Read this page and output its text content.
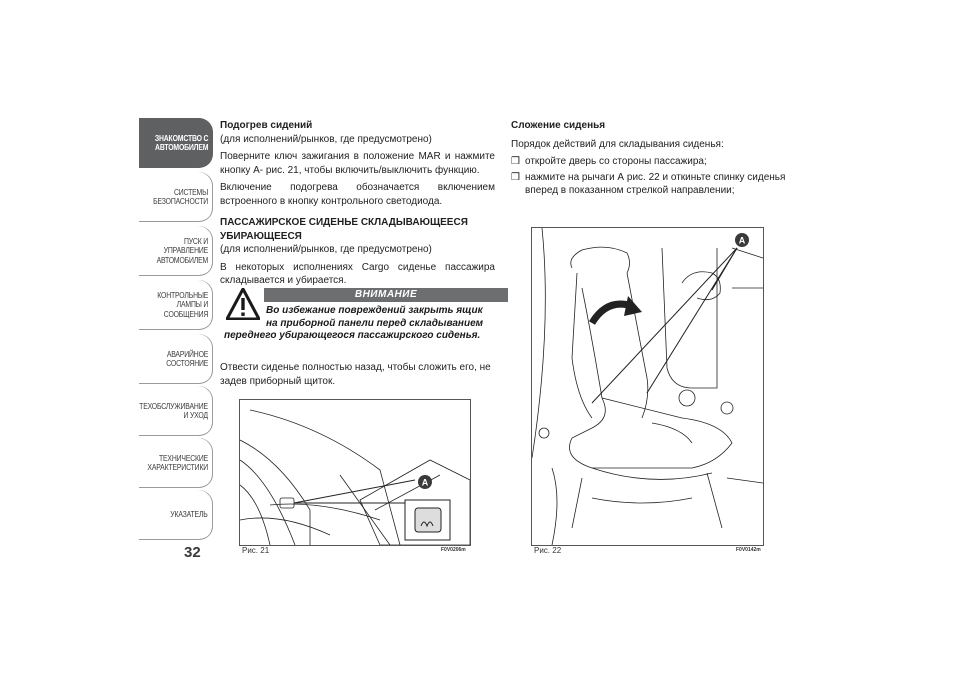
ЗНАКОМСТВО С
АВТОМОБИЛЕМ
СИСТЕМЫ
БЕЗОПАСНОСТИ
ПУСК И УПРАВЛЕНИЕ
АВТОМОБИЛЕМ
КОНТРОЛЬНЫЕ
ЛАМПЫ И
СООБЩЕНИЯ
АВАРИЙНОЕ
СОСТОЯНИЕ
ТЕХОБСЛУЖИВАНИЕ
И УХОД
ТЕХНИЧЕСКИЕ
ХАРАКТЕРИСТИКИ
УКАЗАТЕЛЬ
32

Подогрев сидений

(для исполнений/рынков, где предусмотрено)

Поверните ключ зажигания в положение MAR и нажмите кнопку A- рис. 21, чтобы включить/выключить функцию.

Включение подогрева обозначается включением встроенного в кнопку контрольного светодиода.

ПАССАЖИРСКОЕ СИДЕНЬЕ СКЛАДЫВАЮЩЕЕСЯ УБИРАЮЩЕЕСЯ

(для исполнений/рынков, где предусмотрено)

В некоторых исполнениях Cargo сиденье пассажира складывается и убирается.

ВНИМАНИЕ
Во избежание повреждений закрыть ящик
на приборной панели перед складыванием
переднего убирающегося пассажирского сиденья.

Отвести сиденье полностью назад, чтобы сложить его, не задев приборный щиток.

Сложение сиденья

Порядок действий для складывания сиденья:

❒ откройте дверь со стороны пассажира;
❒ нажмите на рычаги А рис. 22 и откиньте спинку сиденья вперед в показанном стрелкой направлении;
A
Рис. 21	F0V0206m
A
Рис. 22	F0V0142m
